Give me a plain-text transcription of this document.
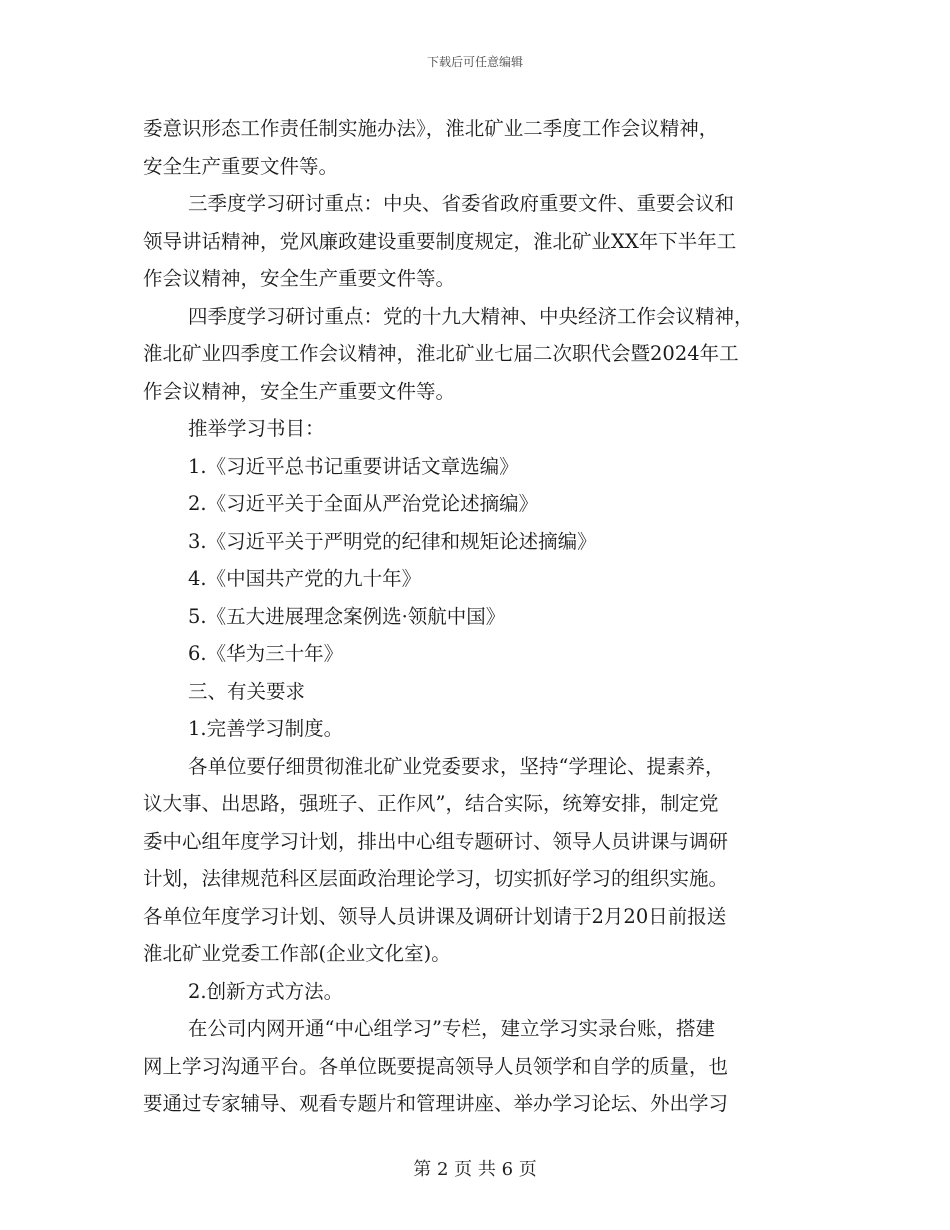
下载后可任意编辑

委意识形态工作责任制实施办法》，淮北矿业二季度工作会议精神，

安全生产重要文件等。

三季度学习研讨重点：中央、省委省政府重要文件、重要会议和

领导讲话精神，党风廉政建设重要制度规定，淮北矿业XX年下半年工

作会议精神，安全生产重要文件等。

四季度学习研讨重点：党的十九大精神、中央经济工作会议精神，

淮北矿业四季度工作会议精神，淮北矿业七届二次职代会暨2024年工

作会议精神，安全生产重要文件等。

推举学习书目：

1.《习近平总书记重要讲话文章选编》

2.《习近平关于全面从严治党论述摘编》

3.《习近平关于严明党的纪律和规矩论述摘编》

4.《中国共产党的九十年》

5.《五大进展理念案例选·领航中国》

6.《华为三十年》

三、有关要求

1.完善学习制度。

各单位要仔细贯彻淮北矿业党委要求，坚持“学理论、提素养，

议大事、出思路，强班子、正作风”，结合实际，统筹安排，制定党

委中心组年度学习计划，排出中心组专题研讨、领导人员讲课与调研

计划，法律规范科区层面政治理论学习，切实抓好学习的组织实施。

各单位年度学习计划、领导人员讲课及调研计划请于2月20日前报送

淮北矿业党委工作部(企业文化室)。

2.创新方式方法。

在公司内网开通“中心组学习”专栏，建立学习实录台账，搭建

网上学习沟通平台。各单位既要提高领导人员领学和自学的质量，也

要通过专家辅导、观看专题片和管理讲座、举办学习论坛、外出学习

第 2 页 共 6 页
